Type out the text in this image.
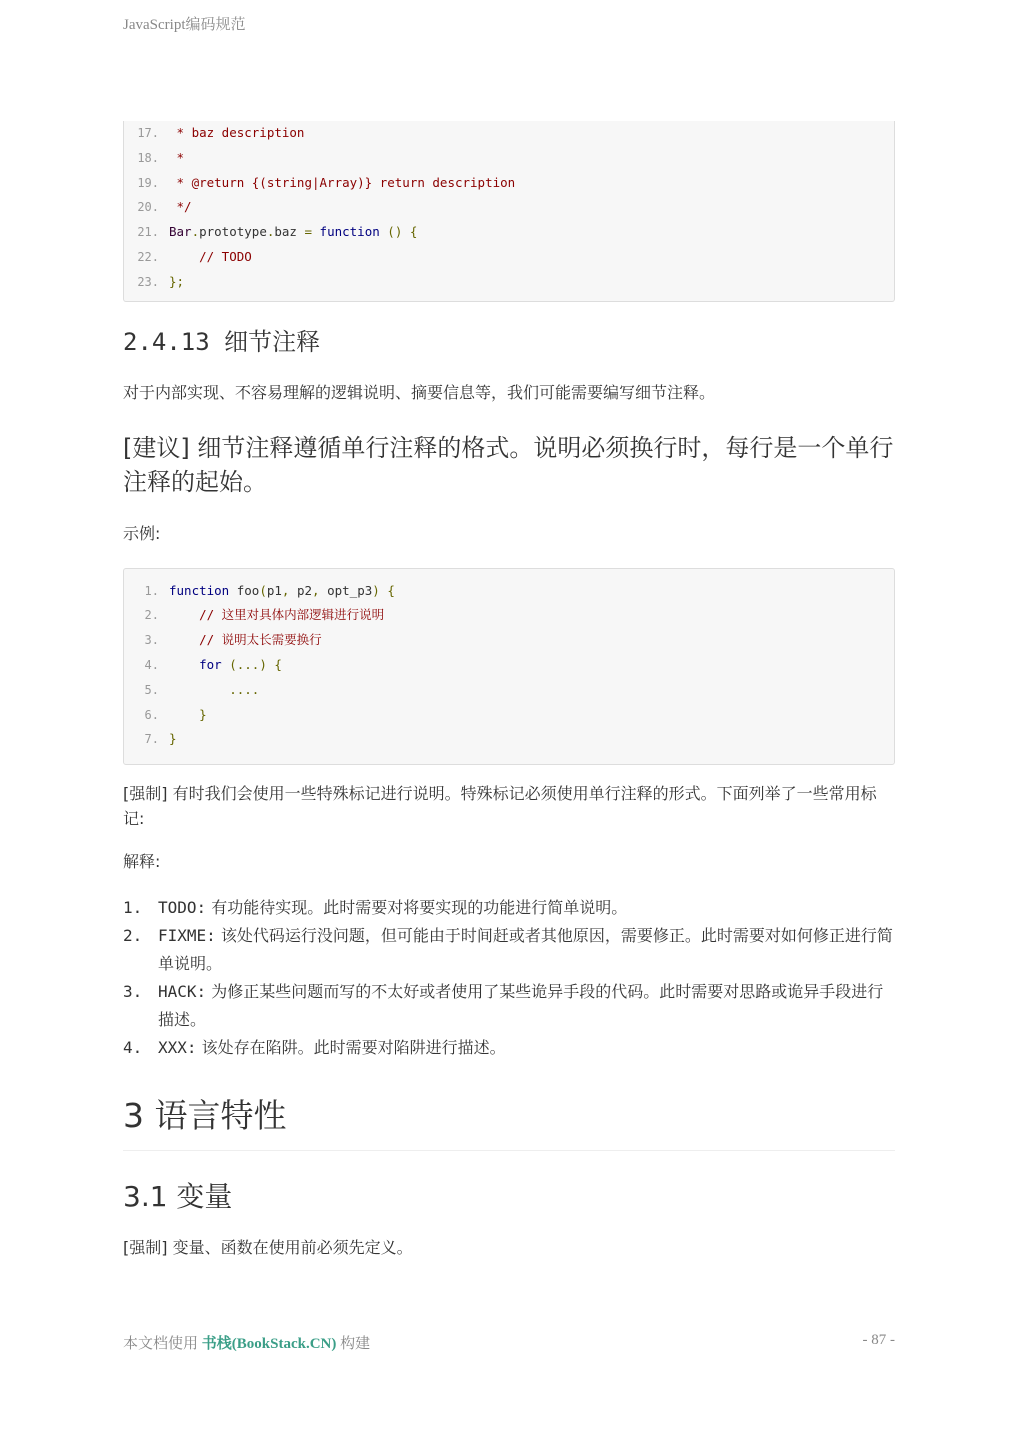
JavaScript编码规范
17. * baz description
18. *
19. * @return {(string|Array)} return description
20. */
21. Bar.prototype.baz = function () {
22.	// TODO
23. };
2.4.13 细节注释

对于内部实现、不容易理解的逻辑说明、摘要信息等，我们可能需要编写细节注释。

[建议] 细节注释遵循单行注释的格式。说明必须换行时，每行是一个单行注释的起始。

示例:

1. function foo(p1, p2, opt_p3) {
2.	// 这里对具体内部逻辑进行说明
3.	// 说明太长需要换行
4.	for (...) {
5.	....
6.	}
7. }

[强制] 有时我们会使用一些特殊标记进行说明。特殊标记必须使用单行注释的形式。下面列举了一些常用标记:

解释:

1. TODO: 有功能待实现。此时需要对将要实现的功能进行简单说明。
2. FIXME: 该处代码运行没问题，但可能由于时间赶或者其他原因，需要修正。此时需要对如何修正进行简单说明。
3. HACK: 为修正某些问题而写的不太好或者使用了某些诡异手段的代码。此时需要对思路或诡异手段进行描述。
4. XXX: 该处存在陷阱。此时需要对陷阱进行描述。
3 语言特性
3.1 变量

[强制] 变量、函数在使用前必须先定义。

本文档使用 书栈(BookStack.CN) 构建	- 87 -
